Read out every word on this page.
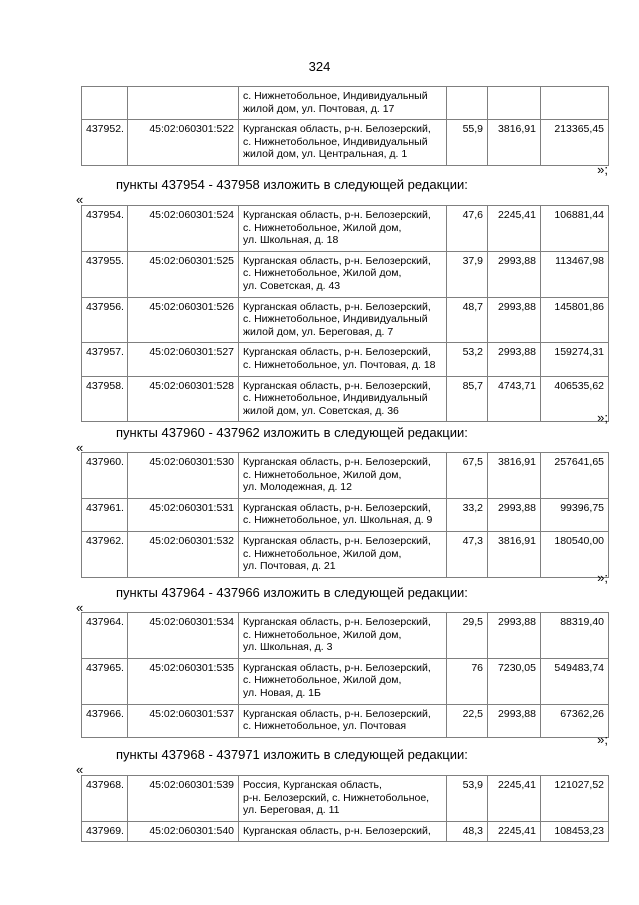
324
		с. Нижнетобольное, Индивидуальный
жилой дом, ул. Почтовая, д. 17			
437952.	45:02:060301:522	Курганская область, р-н. Белозерский,
с. Нижнетобольное, Индивидуальный
жилой дом, ул. Центральная, д. 1	55,9	3816,91	213365,45
»;
пункты 437954 - 437958 изложить в следующей редакции:
«
437954.	45:02:060301:524	Курганская область, р-н. Белозерский,
с. Нижнетобольное, Жилой дом,
ул. Школьная, д. 18	47,6	2245,41	106881,44
437955.	45:02:060301:525	Курганская область, р-н. Белозерский,
с. Нижнетобольное, Жилой дом,
ул. Советская, д. 43	37,9	2993,88	113467,98
437956.	45:02:060301:526	Курганская область, р-н. Белозерский,
с. Нижнетобольное, Индивидуальный
жилой дом, ул. Береговая, д. 7	48,7	2993,88	145801,86
437957.	45:02:060301:527	Курганская область, р-н. Белозерский,
с. Нижнетобольное, ул. Почтовая, д. 18	53,2	2993,88	159274,31
437958.	45:02:060301:528	Курганская область, р-н. Белозерский,
с. Нижнетобольное, Индивидуальный
жилой дом, ул. Советская, д. 36	85,7	4743,71	406535,62
»;
пункты 437960 - 437962 изложить в следующей редакции:
«
437960.	45:02:060301:530	Курганская область, р-н. Белозерский,
с. Нижнетобольное, Жилой дом,
ул. Молодежная, д. 12	67,5	3816,91	257641,65
437961.	45:02:060301:531	Курганская область, р-н. Белозерский,
с. Нижнетобольное, ул. Школьная, д. 9	33,2	2993,88	99396,75
437962.	45:02:060301:532	Курганская область, р-н. Белозерский,
с. Нижнетобольное, Жилой дом,
ул. Почтовая, д. 21	47,3	3816,91	180540,00
»;
пункты 437964 - 437966 изложить в следующей редакции:
«
437964.	45:02:060301:534	Курганская область, р-н. Белозерский,
с. Нижнетобольное, Жилой дом,
ул. Школьная, д. 3	29,5	2993,88	88319,40
437965.	45:02:060301:535	Курганская область, р-н. Белозерский,
с. Нижнетобольное, Жилой дом,
ул. Новая, д. 1Б	76	7230,05	549483,74
437966.	45:02:060301:537	Курганская область, р-н. Белозерский,
с. Нижнетобольное, ул. Почтовая	22,5	2993,88	67362,26
»;
пункты 437968 - 437971 изложить в следующей редакции:
«
437968.	45:02:060301:539	Россия, Курганская область,
р-н. Белозерский, с. Нижнетобольное,
ул. Береговая, д. 11	53,9	2245,41	121027,52
437969.	45:02:060301:540	Курганская область, р-н. Белозерский,	48,3	2245,41	108453,23
